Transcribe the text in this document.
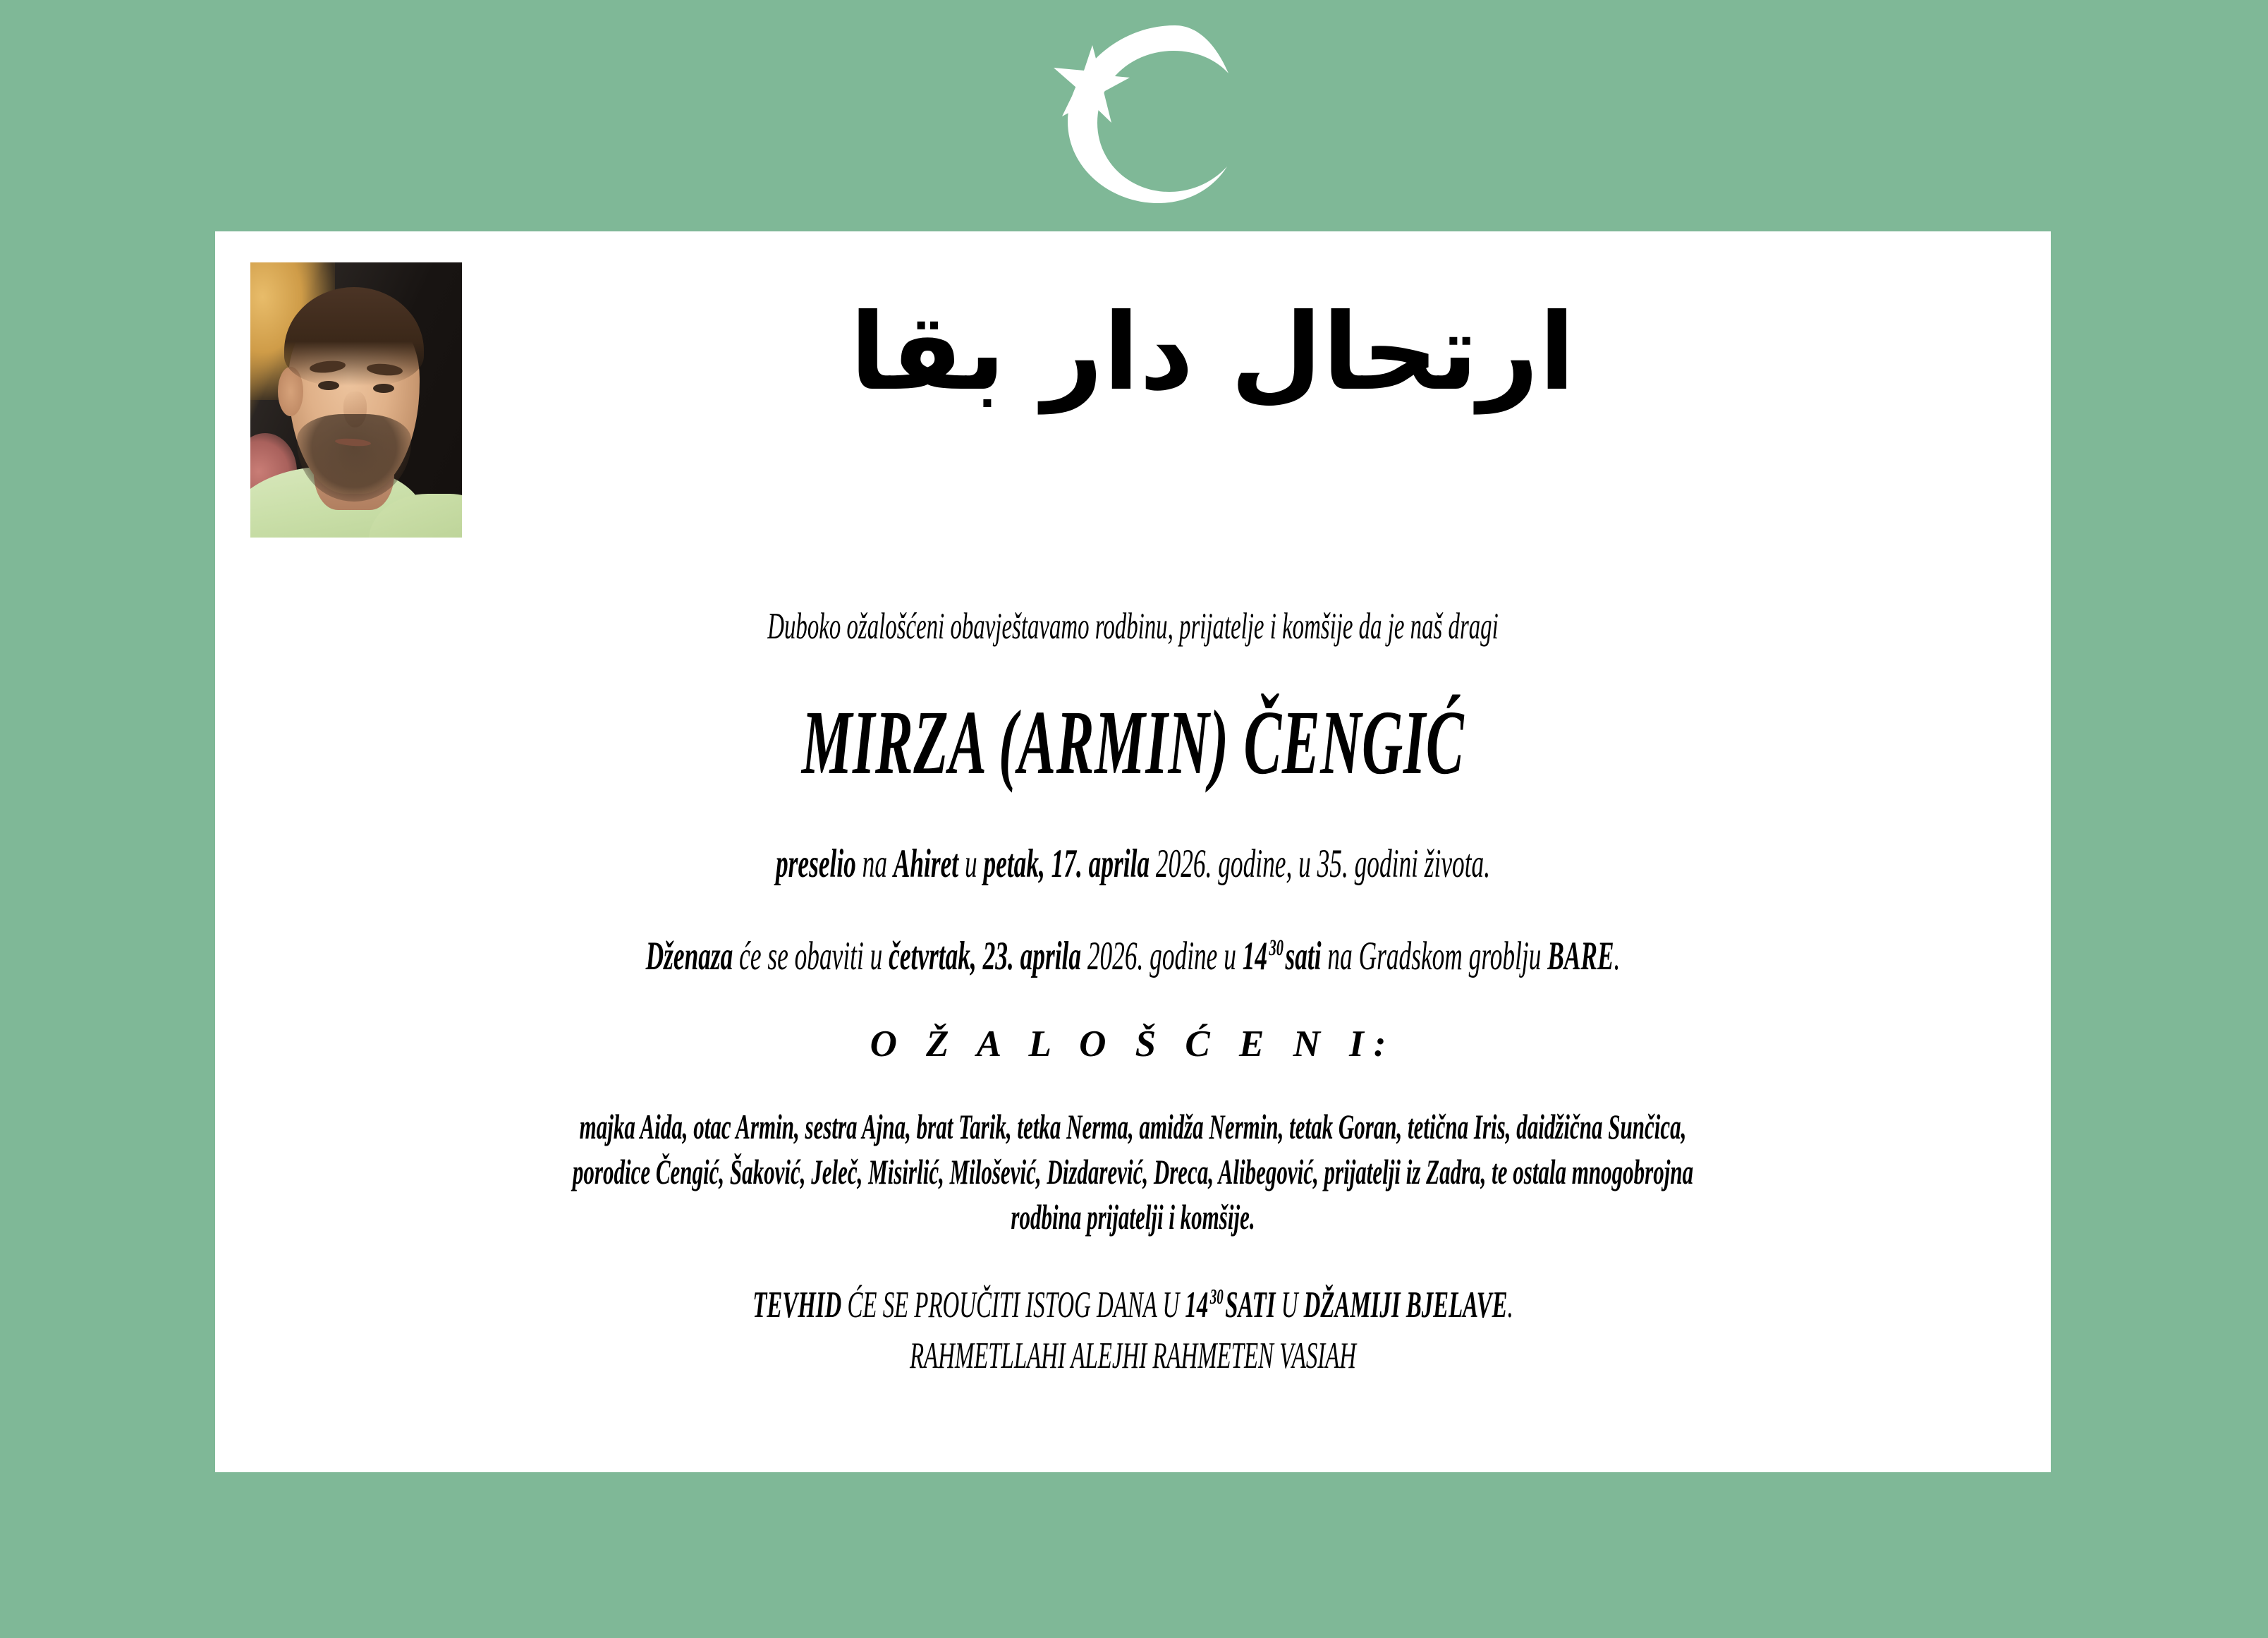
ارتحال دار بقا
Duboko ožalošćeni obavještavamo rodbinu, prijatelje i komšije da je naš dragi
MIRZA (ARMIN) ČENGIĆ
preselio na Ahiret u petak, 17. aprila 2026. godine, u 35. godini života.
Dženaza će se obaviti u četvrtak, 23. aprila 2026. godine u $14^{30}sati$ na Gradskom groblju BARE.
O Ž A L O Š Ć E N I:
majka Aida, otac Armin, sestra Ajna, brat Tarik, tetka Nerma, amidža Nermin, tetak Goran, tetična Iris, daidžična Sunčica,
porodice Čengić, Šaković, Jeleč, Misirlić, Milošević, Dizdarević, Dreca, Alibegović, prijatelji iz Zadra, te ostala mnogobrojna
rodbina prijatelji i komšije.
TEVHID ĆE SE PROUČITI ISTOG DANA U $14^{30}SATI$ U DŽAMIJI BJELAVE.
RAHMETLLAHI ALEJHI RAHMETEN VASIAH
